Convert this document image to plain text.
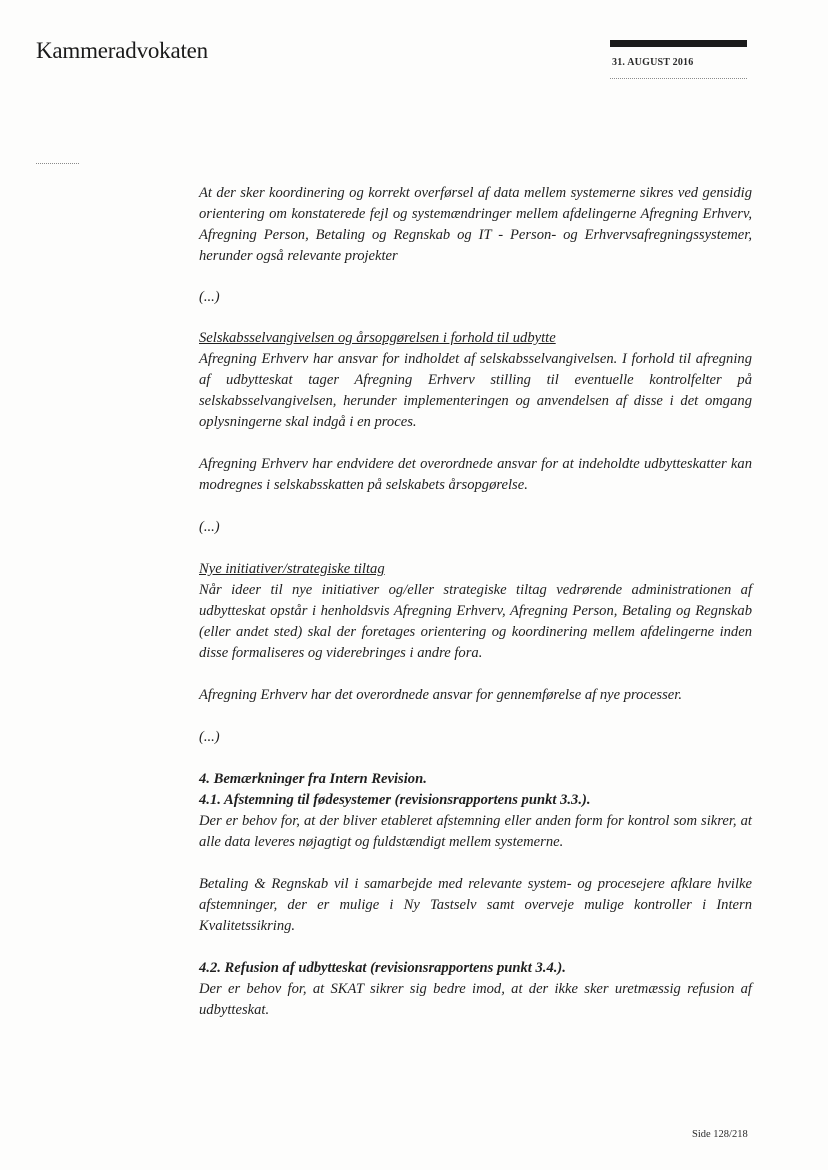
Kammeradvokaten	31. AUGUST 2016

At der sker koordinering og korrekt overførsel af data mellem systemerne sikres ved gensidig orientering om konstaterede fejl og systemændringer mellem afdelingerne Afregning Erhverv, Afregning Person, Betaling og Regnskab og IT - Person- og Erhvervsafregningssystemer, herunder også relevante projekter

(...)

Selskabsselvangivelsen og årsopgørelsen i forhold til udbytte

Afregning Erhverv har ansvar for indholdet af selskabsselvangivelsen. I forhold til afregning af udbytteskat tager Afregning Erhverv stilling til eventuelle kontrolfelter på selskabsselvangivelsen, herunder implementeringen og anvendelsen af disse i det omgang oplysningerne skal indgå i en proces.

Afregning Erhverv har endvidere det overordnede ansvar for at indeholdte udbytteskatter kan modregnes i selskabsskatten på selskabets årsopgørelse.

(...)

Nye initiativer/strategiske tiltag

Når ideer til nye initiativer og/eller strategiske tiltag vedrørende administrationen af udbytteskat opstår i henholdsvis Afregning Erhverv, Afregning Person, Betaling og Regnskab (eller andet sted) skal der foretages orientering og koordinering mellem afdelingerne inden disse formaliseres og viderebringes i andre fora.

Afregning Erhverv har det overordnede ansvar for gennemførelse af nye processer.

(...)

4. Bemærkninger fra Intern Revision.

4.1. Afstemning til fødesystemer (revisionsrapportens punkt 3.3.).

Der er behov for, at der bliver etableret afstemning eller anden form for kontrol som sikrer, at alle data leveres nøjagtigt og fuldstændigt mellem systemerne.

Betaling & Regnskab vil i samarbejde med relevante system- og procesejere afklare hvilke afstemninger, der er mulige i Ny Tastselv samt overveje mulige kontroller i Intern Kvalitetssikring.

4.2. Refusion af udbytteskat (revisionsrapportens punkt 3.4.).

Der er behov for, at SKAT sikrer sig bedre imod, at der ikke sker uretmæssig refusion af udbytteskat.

Side 128/218
